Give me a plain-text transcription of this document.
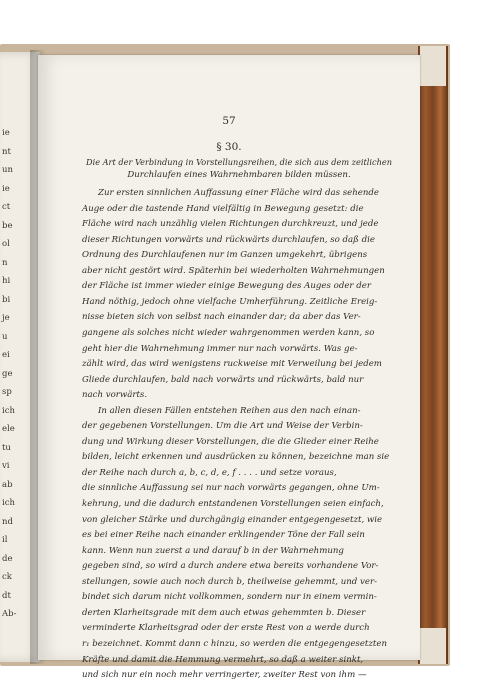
ie
nt
un
ie
ct
be
ol
n
hi
bi
je
u
ei
ge
sp
ich
ele
tu
vi
ab
ich
nd
il
de
ck
dt
Ab-
57
§ 30.
Die Art der Verbindung in Vorstellungsreihen, die sich aus dem zeitlichen
Durchlaufen eines Wahrnehmbaren bilden müssen.
Zur ersten sinnlichen Auffassung einer Fläche wird das sehende
Auge oder die tastende Hand vielfältig in Bewegung gesetzt: die
Fläche wird nach unzählig vielen Richtungen durchkreuzt, und jede
dieser Richtungen vorwärts und rückwärts durchlaufen, so daß die
Ordnung des Durchlaufenen nur im Ganzen umgekehrt, übrigens
aber nicht gestört wird. Späterhin bei wiederholten Wahrnehmungen
der Fläche ist immer wieder einige Bewegung des Auges oder der
Hand nöthig, jedoch ohne vielfache Umherführung. Zeitliche Ereig-
nisse bieten sich von selbst nach einander dar; da aber das Ver-
gangene als solches nicht wieder wahrgenommen werden kann, so
geht hier die Wahrnehmung immer nur nach vorwärts. Was ge-
zählt wird, das wird wenigstens ruckweise mit Verweilung bei jedem
Gliede durchlaufen, bald nach vorwärts und rückwärts, bald nur
nach vorwärts.
In allen diesen Fällen entstehen Reihen aus den nach einan-
der gegebenen Vorstellungen. Um die Art und Weise der Verbin-
dung und Wirkung dieser Vorstellungen, die die Glieder einer Reihe
bilden, leicht erkennen und ausdrücken zu können, bezeichne man sie
der Reihe nach durch a, b, c, d, e, f . . . . und setze voraus,
die sinnliche Auffassung sei nur nach vorwärts gegangen, ohne Um-
kehrung, und die dadurch entstandenen Vorstellungen seien einfach,
von gleicher Stärke und durchgängig einander entgegengesetzt, wie
es bei einer Reihe nach einander erklingender Töne der Fall sein
kann. Wenn nun zuerst a und darauf b in der Wahrnehmung
gegeben sind, so wird a durch andere etwa bereits vorhandene Vor-
stellungen, sowie auch noch durch b, theilweise gehemmt, und ver-
bindet sich darum nicht vollkommen, sondern nur in einem vermin-
derten Klarheitsgrade mit dem auch etwas gehemmten b. Dieser
verminderte Klarheitsgrad oder der erste Rest von a werde durch
r₁ bezeichnet. Kommt dann c hinzu, so werden die entgegengesetzten
Kräfte und damit die Hemmung vermehrt, so daß a weiter sinkt,
und sich nur ein noch mehr verringerter, zweiter Rest von ihm —
